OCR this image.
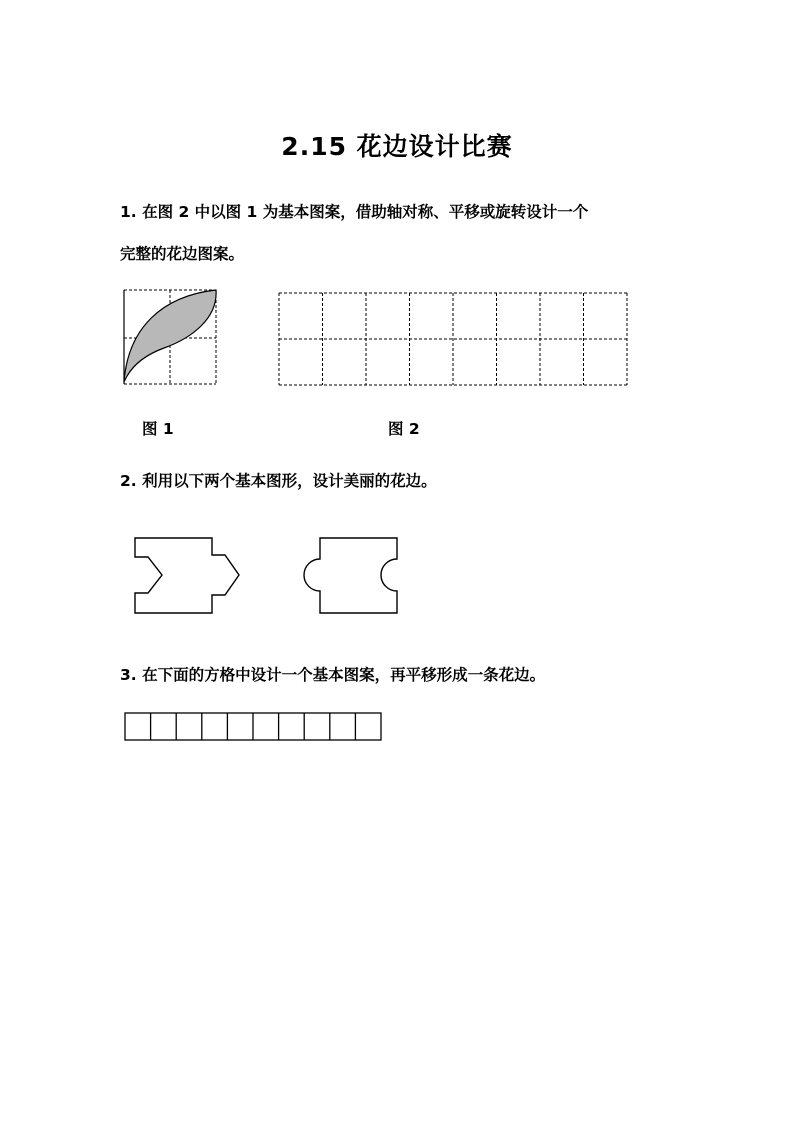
2.15 花边设计比赛
1. 在图 2 中以图 1 为基本图案，借助轴对称、平移或旋转设计一个
完整的花边图案。
图 1	图 2
2. 利用以下两个基本图形，设计美丽的花边。
3. 在下面的方格中设计一个基本图案，再平移形成一条花边。
